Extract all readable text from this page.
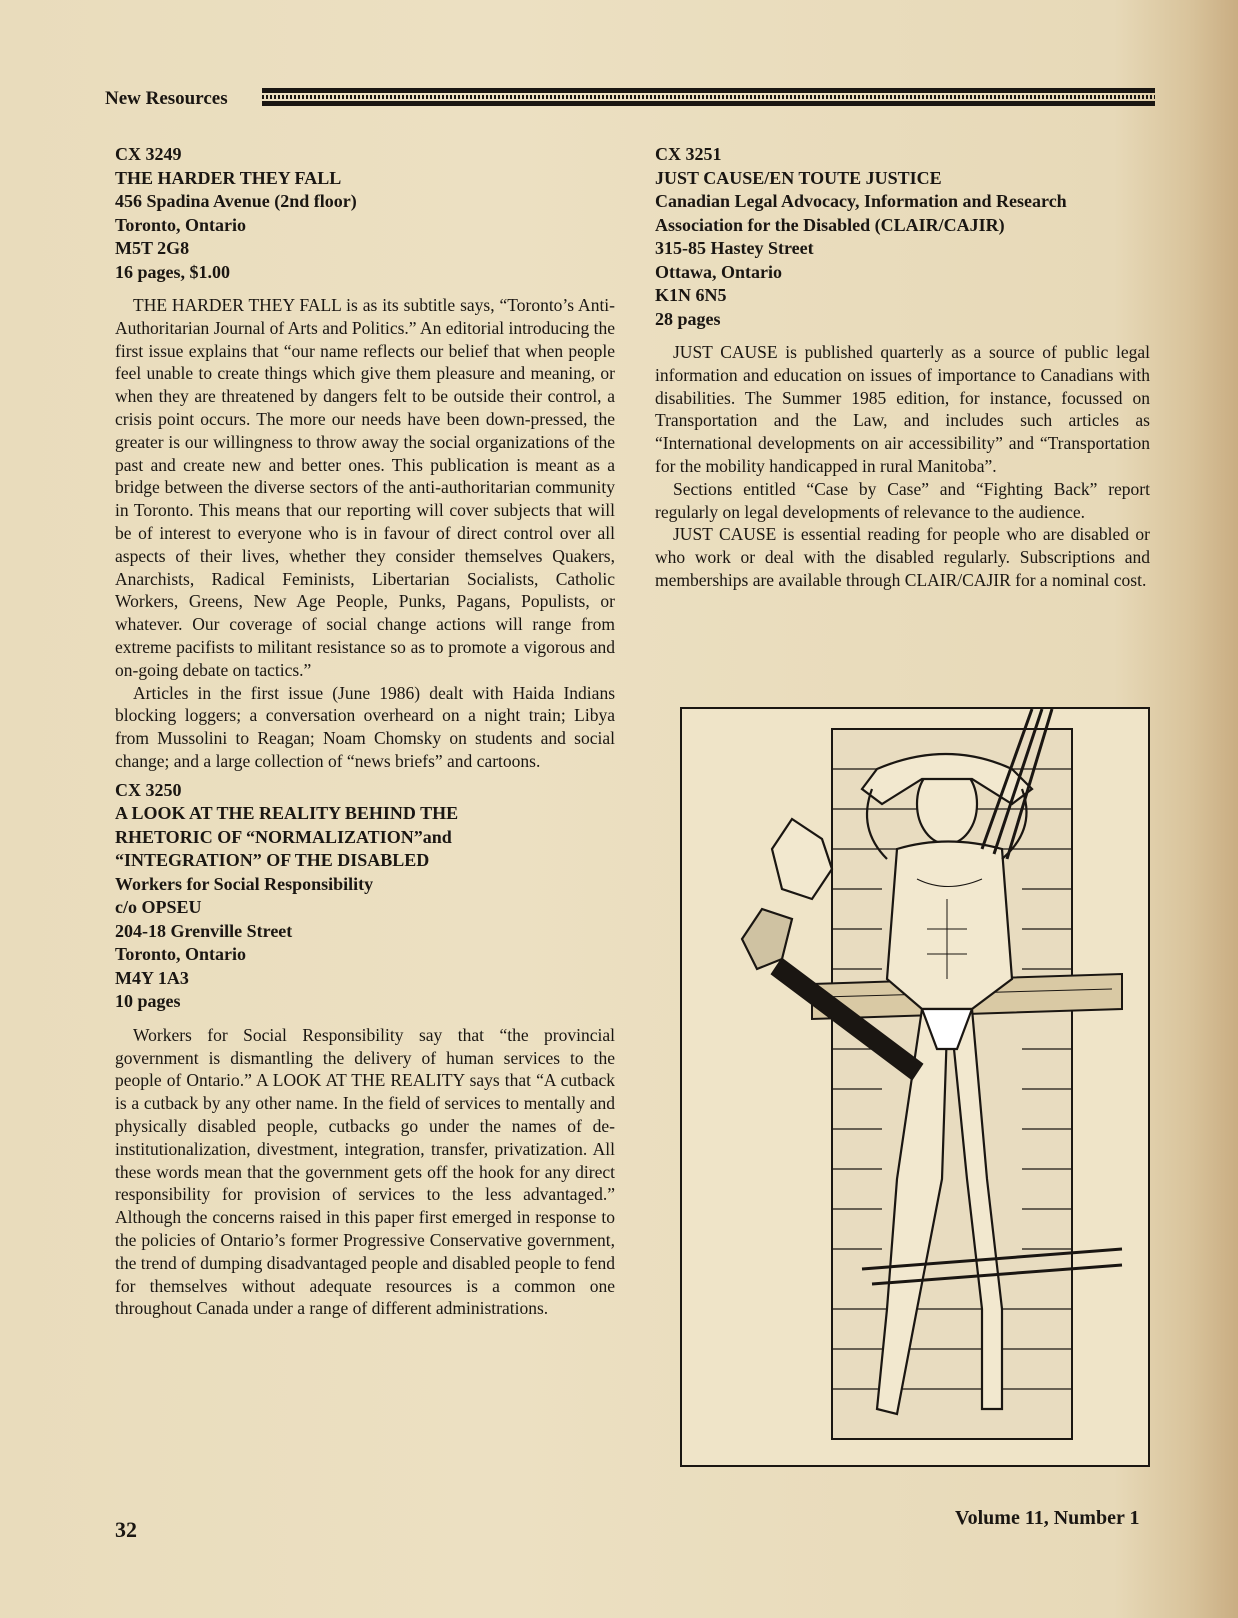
New Resources
CX 3249
THE HARDER THEY FALL
456 Spadina Avenue (2nd floor)
Toronto, Ontario
M5T 2G8
16 pages, $1.00

THE HARDER THEY FALL is as its subtitle says, “Toronto’s Anti-Authoritarian Journal of Arts and Politics.” An editorial introducing the first issue explains that “our name reflects our belief that when people feel unable to create things which give them pleasure and meaning, or when they are threatened by dangers felt to be outside their control, a crisis point occurs. The more our needs have been down-pressed, the greater is our willingness to throw away the social organizations of the past and create new and better ones. This publication is meant as a bridge between the diverse sectors of the anti-authoritarian community in Toronto. This means that our reporting will cover subjects that will be of interest to everyone who is in favour of direct control over all aspects of their lives, whether they consider themselves Quakers, Anarchists, Radical Feminists, Libertarian Socialists, Catholic Workers, Greens, New Age People, Punks, Pagans, Populists, or whatever. Our coverage of social change actions will range from extreme pacifists to militant resistance so as to promote a vigorous and on-going debate on tactics.”

Articles in the first issue (June 1986) dealt with Haida Indians blocking loggers; a conversation overheard on a night train; Libya from Mussolini to Reagan; Noam Chomsky on students and social change; and a large collection of “news briefs” and cartoons.

CX 3250
A LOOK AT THE REALITY BEHIND THE
RHETORIC OF “NORMALIZATION”and
“INTEGRATION” OF THE DISABLED
Workers for Social Responsibility
c/o OPSEU
204-18 Grenville Street
Toronto, Ontario
M4Y 1A3
10 pages

Workers for Social Responsibility say that “the provincial government is dismantling the delivery of human services to the people of Ontario.” A LOOK AT THE REALITY says that “A cutback is a cutback by any other name. In the field of services to mentally and physically disabled people, cutbacks go under the names of de-institutionalization, divestment, integration, transfer, privatization. All these words mean that the government gets off the hook for any direct responsibility for provision of services to the less advantaged.” Although the concerns raised in this paper first emerged in response to the policies of Ontario’s former Progressive Conservative government, the trend of dumping disadvantaged people and disabled people to fend for themselves without adequate resources is a common one throughout Canada under a range of different administrations.

CX 3251
JUST CAUSE/EN TOUTE JUSTICE
Canadian Legal Advocacy, Information and Research
Association for the Disabled (CLAIR/CAJIR)
315-85 Hastey Street
Ottawa, Ontario
K1N 6N5
28 pages

JUST CAUSE is published quarterly as a source of public legal information and education on issues of importance to Canadians with disabilities. The Summer 1985 edition, for instance, focussed on Transportation and the Law, and includes such articles as “International developments on air accessibility” and “Transportation for the mobility handicapped in rural Manitoba”.

Sections entitled “Case by Case” and “Fighting Back” report regularly on legal developments of relevance to the audience.

JUST CAUSE is essential reading for people who are disabled or who work or deal with the disabled regularly. Subscriptions and memberships are available through CLAIR/CAJIR for a nominal cost.

32	Volume 11, Number 1
